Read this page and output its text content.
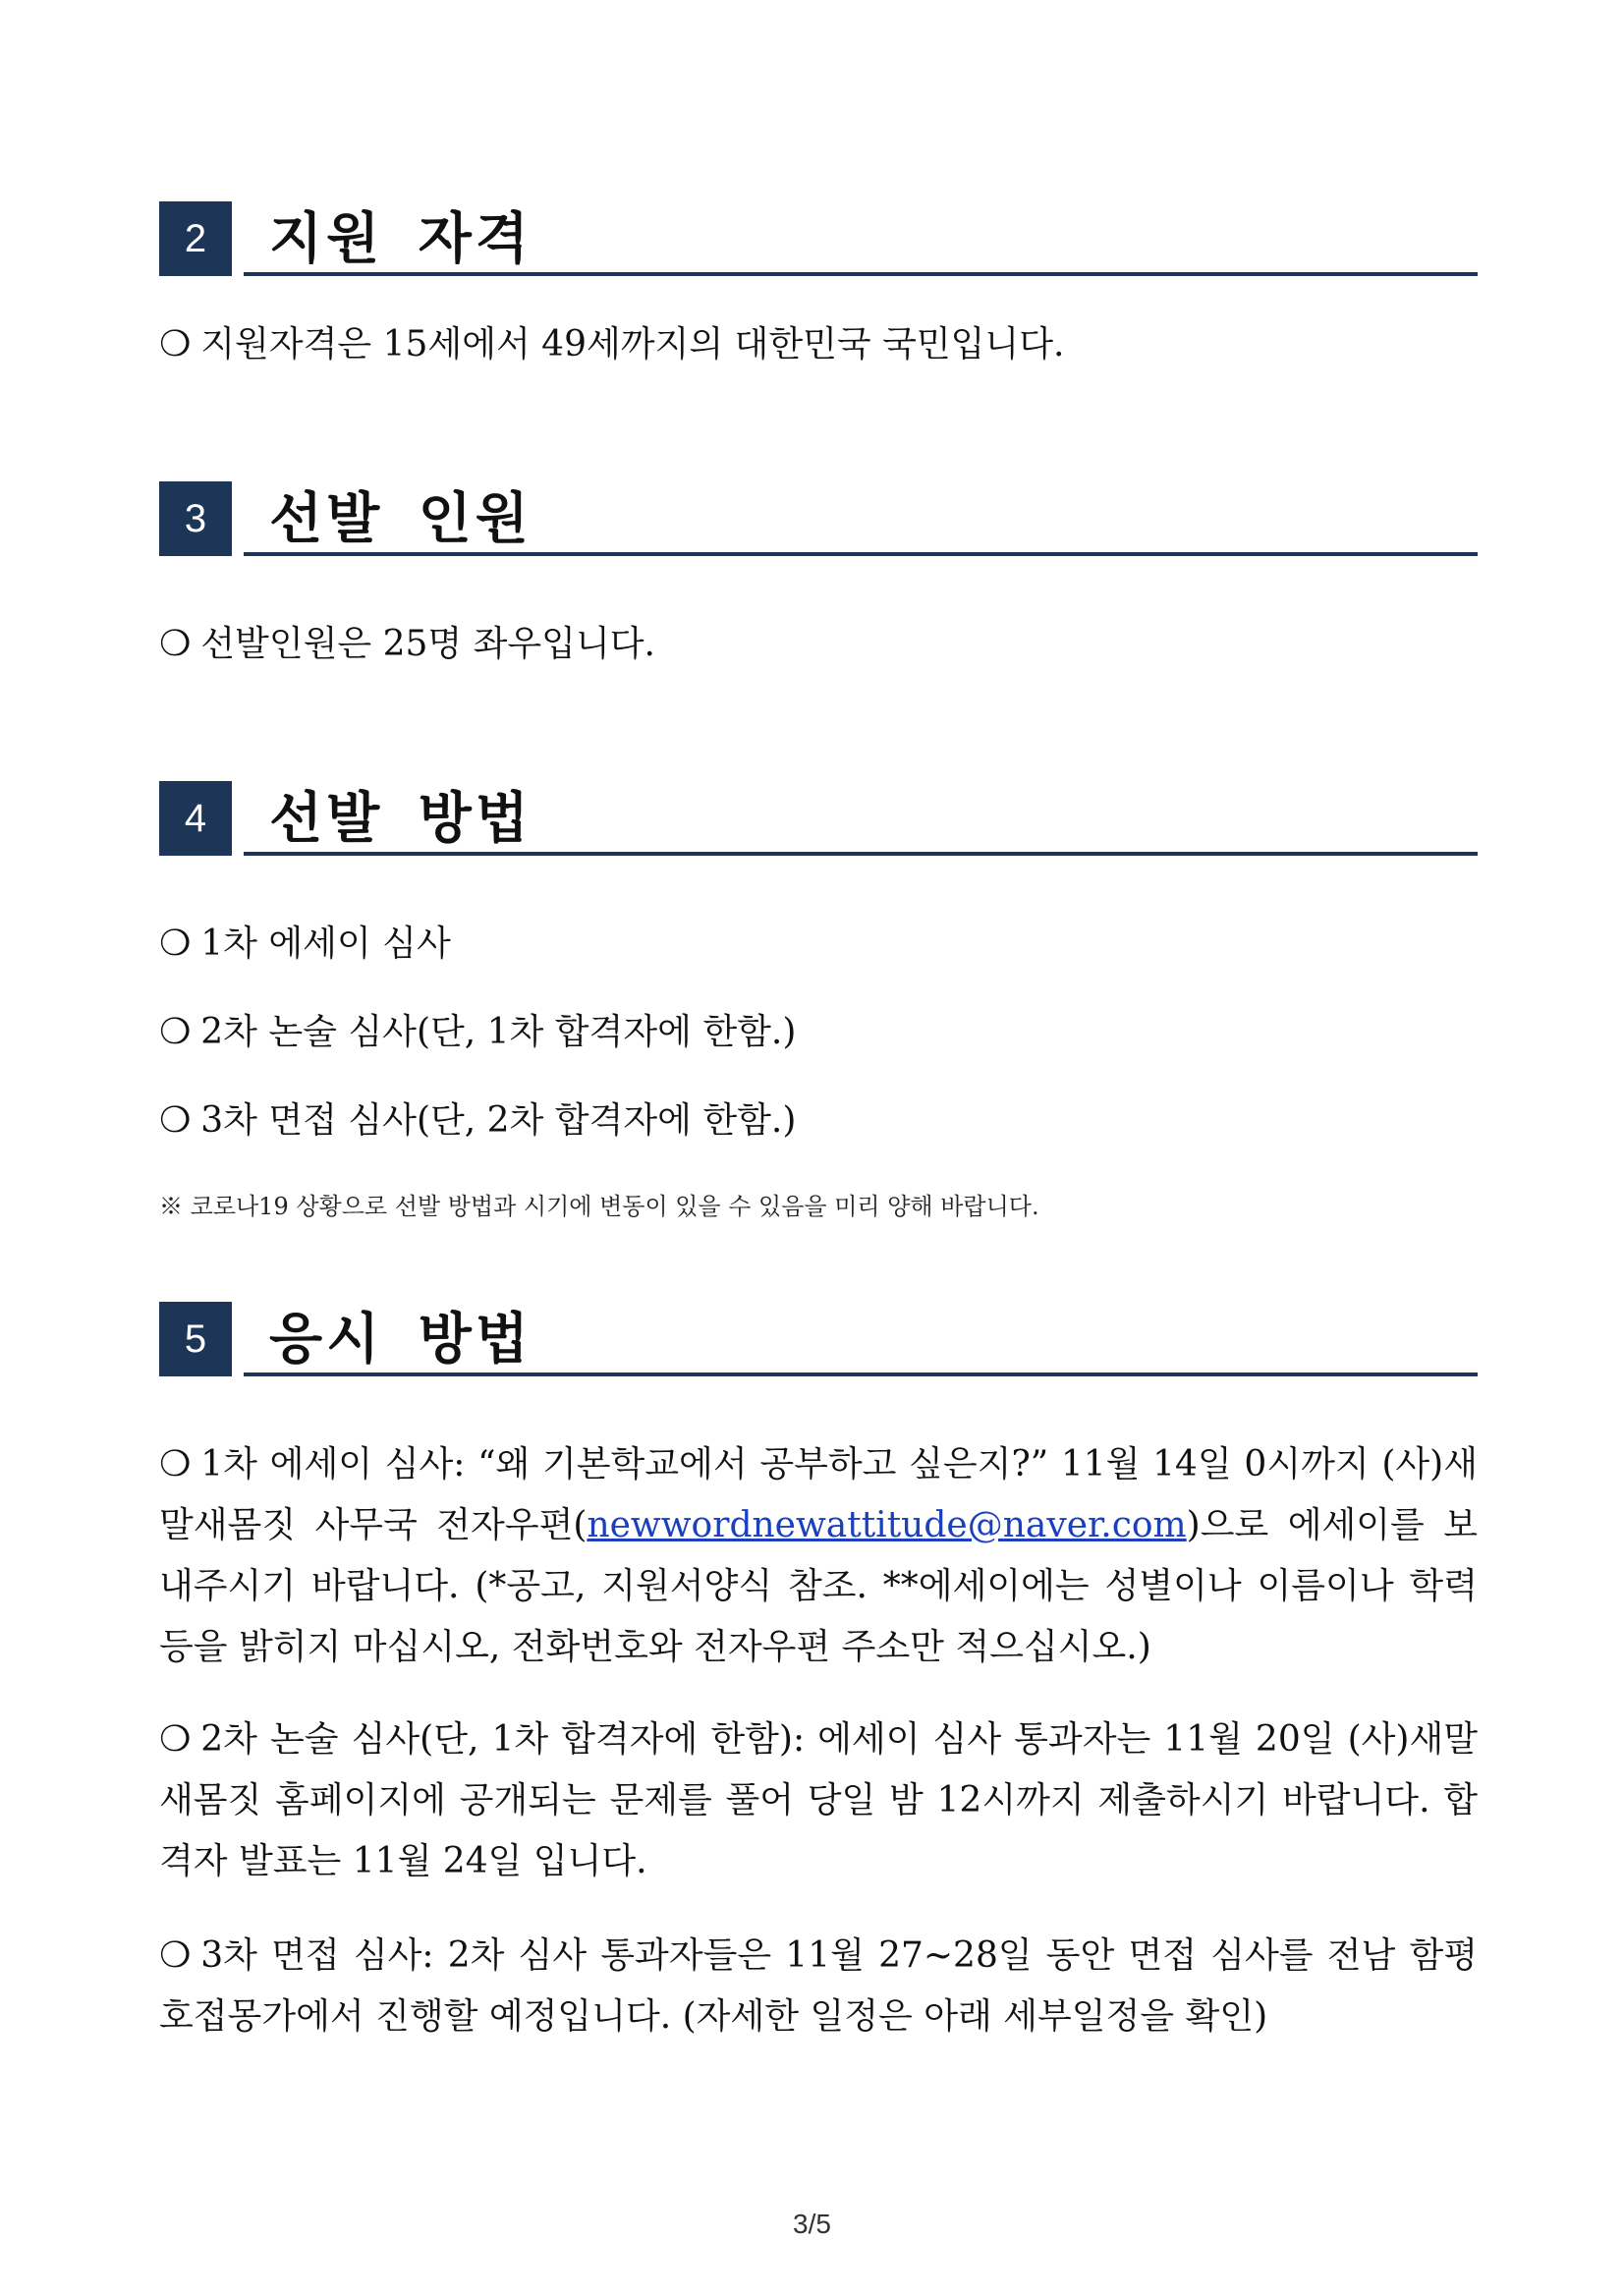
2	지원 자격
❍ 지원자격은 15세에서 49세까지의 대한민국 국민입니다.
3	선발 인원
❍ 선발인원은 25명 좌우입니다.
4	선발 방법
❍ 1차 에세이 심사
❍ 2차 논술 심사(단, 1차 합격자에 한함.)
❍ 3차 면접 심사(단, 2차 합격자에 한함.)
※ 코로나19 상황으로 선발 방법과 시기에 변동이 있을 수 있음을 미리 양해 바랍니다.
5	응시 방법
❍ 1차 에세이 심사: “왜 기본학교에서 공부하고 싶은지?” 11월 14일 0시까지 (사)새말새몸짓 사무국 전자우편(newwordnewattitude@naver.com)으로 에세이를 보내주시기 바랍니다. (*공고, 지원서양식 참조. **에세이에는 성별이나 이름이나 학력 등을 밝히지 마십시오, 전화번호와 전자우편 주소만 적으십시오.)
❍ 2차 논술 심사(단, 1차 합격자에 한함): 에세이 심사 통과자는 11월 20일 (사)새말새몸짓 홈페이지에 공개되는 문제를 풀어 당일 밤 12시까지 제출하시기 바랍니다. 합격자 발표는 11월 24일 입니다.
❍ 3차 면접 심사: 2차 심사 통과자들은 11월 27~28일 동안 면접 심사를 전남 함평 호접몽가에서 진행할 예정입니다. (자세한 일정은 아래 세부일정을 확인)
3/5
